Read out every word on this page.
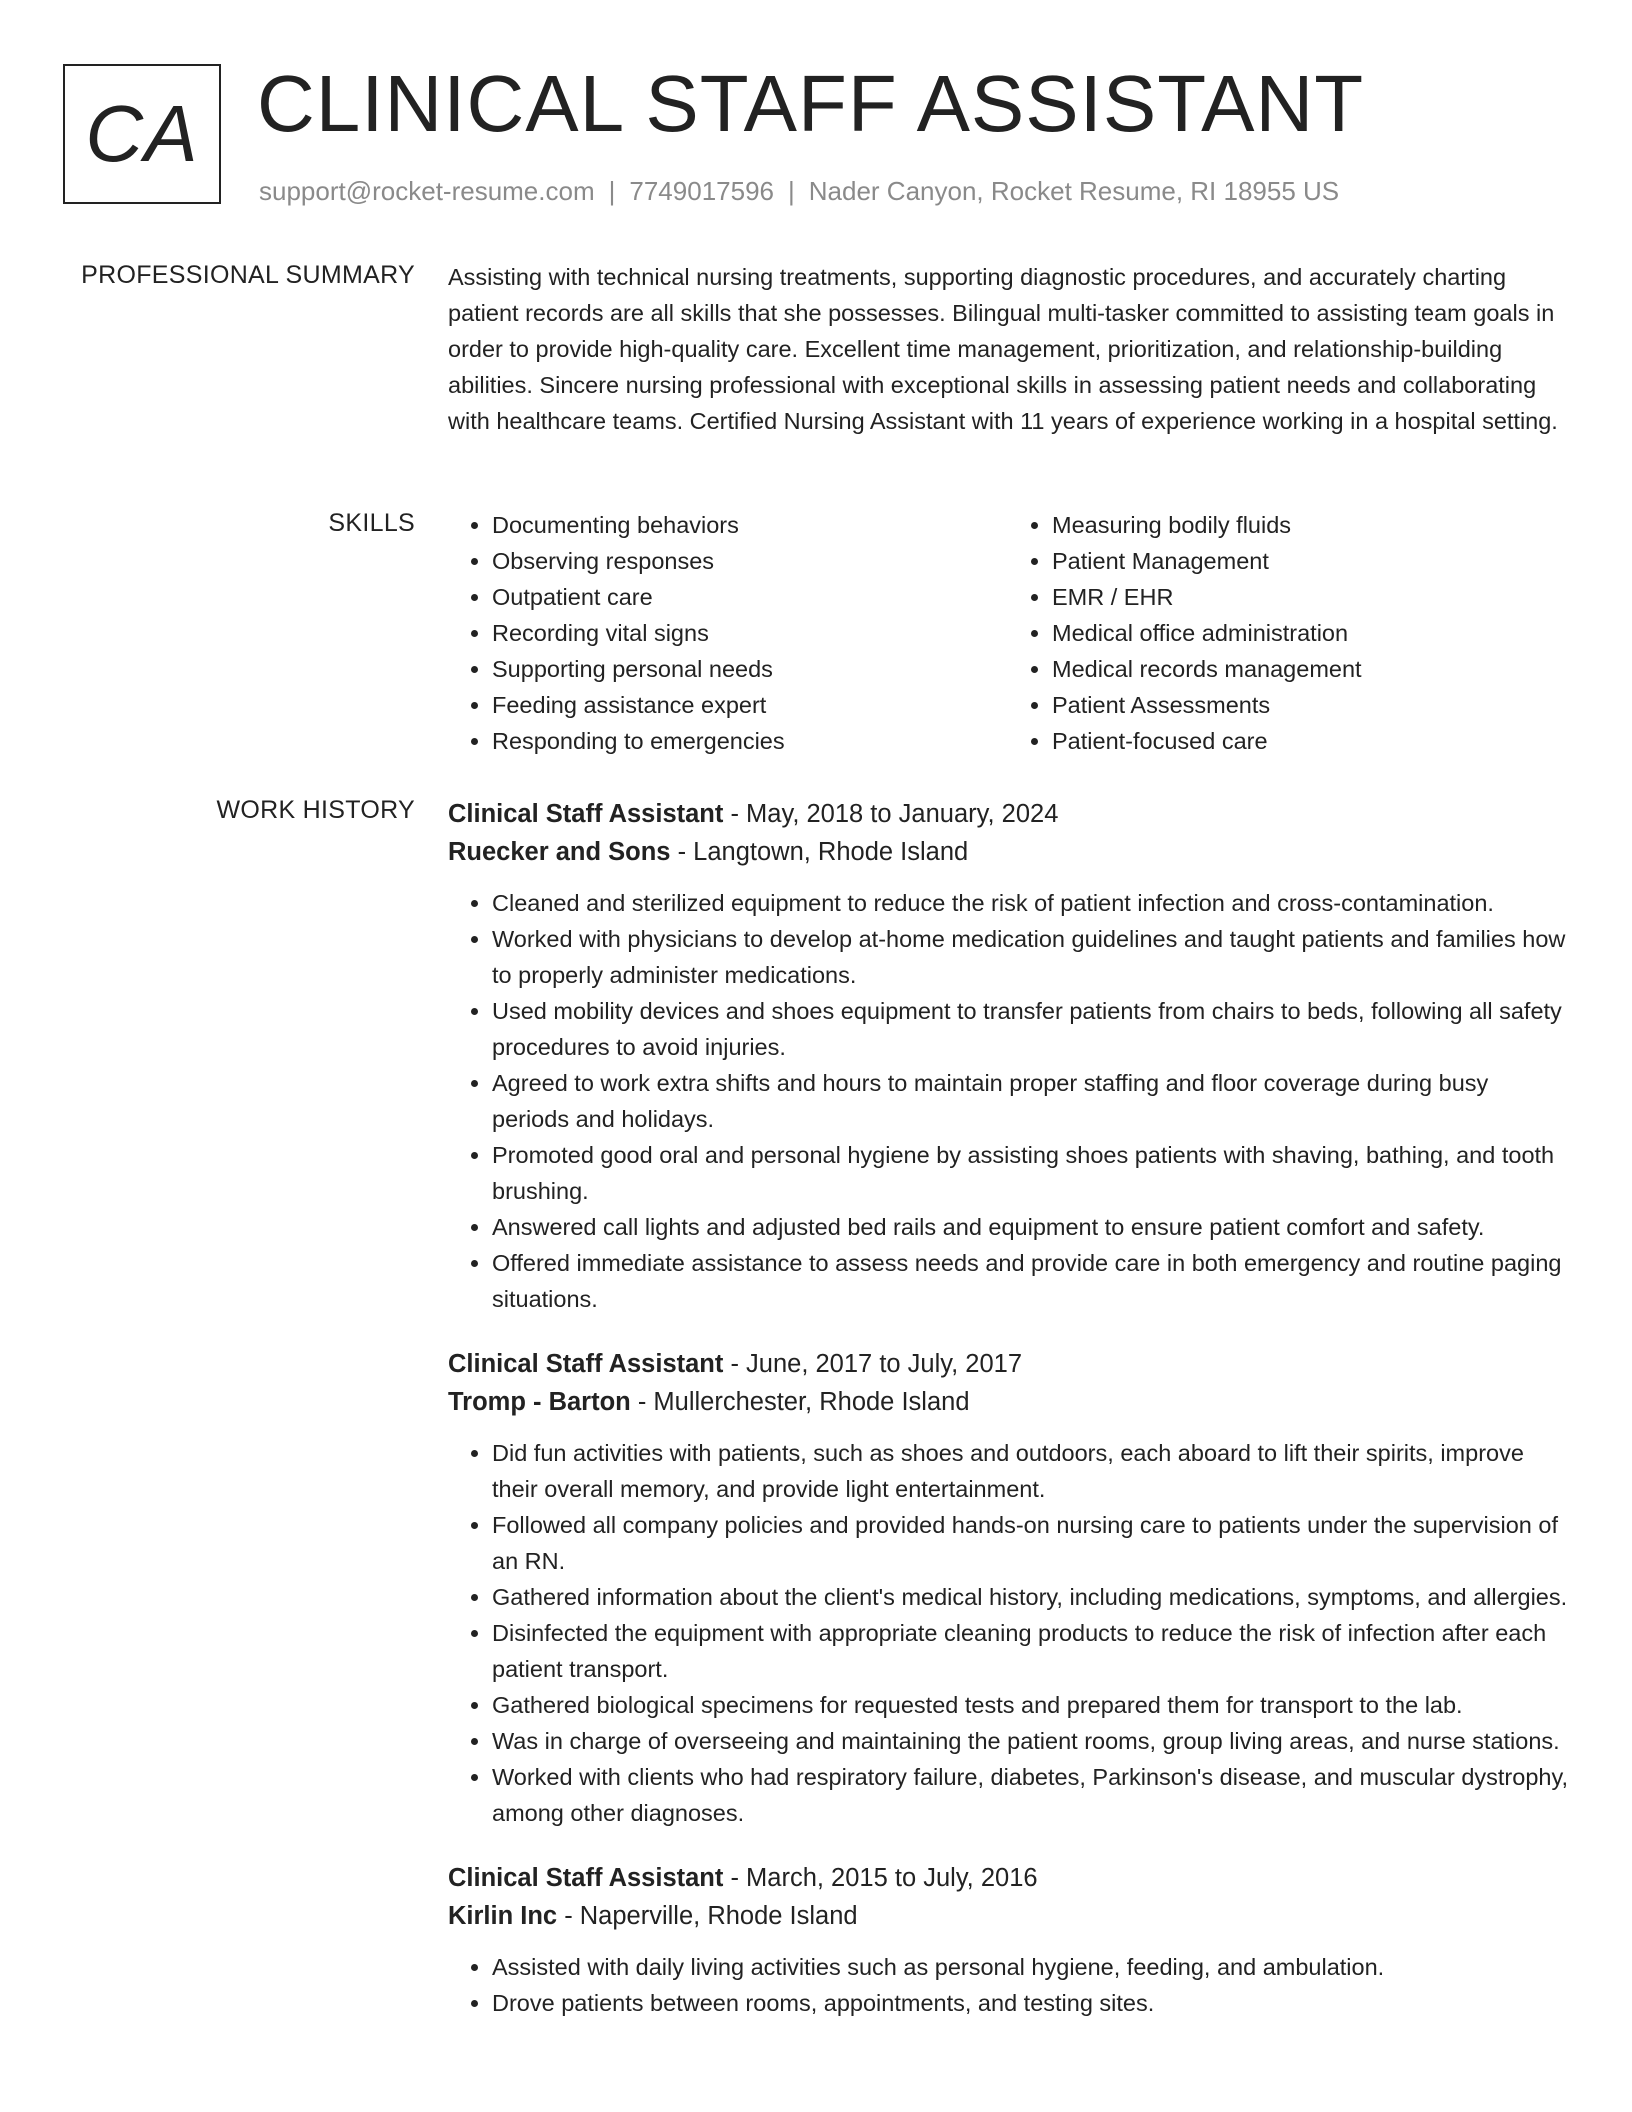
CA CLINICAL STAFF ASSISTANT
support@rocket-resume.com | 7749017596 | Nader Canyon, Rocket Resume, RI 18955 US
PROFESSIONAL SUMMARY Assisting with technical nursing treatments, supporting diagnostic procedures, and accurately charting patient records are all skills that she possesses. Bilingual multi-tasker committed to assisting team goals in order to provide high-quality care. Excellent time management, prioritization, and relationship-building abilities. Sincere nursing professional with exceptional skills in assessing patient needs and collaborating with healthcare teams. Certified Nursing Assistant with 11 years of experience working in a hospital setting.

SKILLS
•	Documenting behaviors
• Observing responses
• Outpatient care
• Recording vital signs
• Supporting personal needs
• Feeding assistance expert
• Responding to emergencies
• Measuring bodily fluids
• Patient Management
• EMR / EHR
• Medical office administration
• Medical records management
• Patient Assessments
• Patient-focused care
WORK HISTORY Clinical Staff Assistant - May, 2018 to January, 2024
Ruecker and Sons - Langtown, Rhode Island
• Cleaned and sterilized equipment to reduce the risk of patient infection and cross-contamination.
• Worked with physicians to develop at-home medication guidelines and taught patients and families how to properly administer medications.
• Used mobility devices and shoes equipment to transfer patients from chairs to beds, following all safety procedures to avoid injuries.
• Agreed to work extra shifts and hours to maintain proper staffing and floor coverage during busy periods and holidays.
• Promoted good oral and personal hygiene by assisting shoes patients with shaving, bathing, and tooth brushing.
• Answered call lights and adjusted bed rails and equipment to ensure patient comfort and safety.
• Offered immediate assistance to assess needs and provide care in both emergency and routine paging situations.
Clinical Staff Assistant - June, 2017 to July, 2017
Tromp - Barton - Mullerchester, Rhode Island
• Did fun activities with patients, such as shoes and outdoors, each aboard to lift their spirits, improve their overall memory, and provide light entertainment.
• Followed all company policies and provided hands-on nursing care to patients under the supervision of an RN.
• Gathered information about the client's medical history, including medications, symptoms, and allergies.
• Disinfected the equipment with appropriate cleaning products to reduce the risk of infection after each patient transport.
• Gathered biological specimens for requested tests and prepared them for transport to the lab.
• Was in charge of overseeing and maintaining the patient rooms, group living areas, and nurse stations.
• Worked with clients who had respiratory failure, diabetes, Parkinson's disease, and muscular dystrophy, among other diagnoses.
Clinical Staff Assistant - March, 2015 to July, 2016
Kirlin Inc - Naperville, Rhode Island
• Assisted with daily living activities such as personal hygiene, feeding, and ambulation.
• Drove patients between rooms, appointments, and testing sites.
